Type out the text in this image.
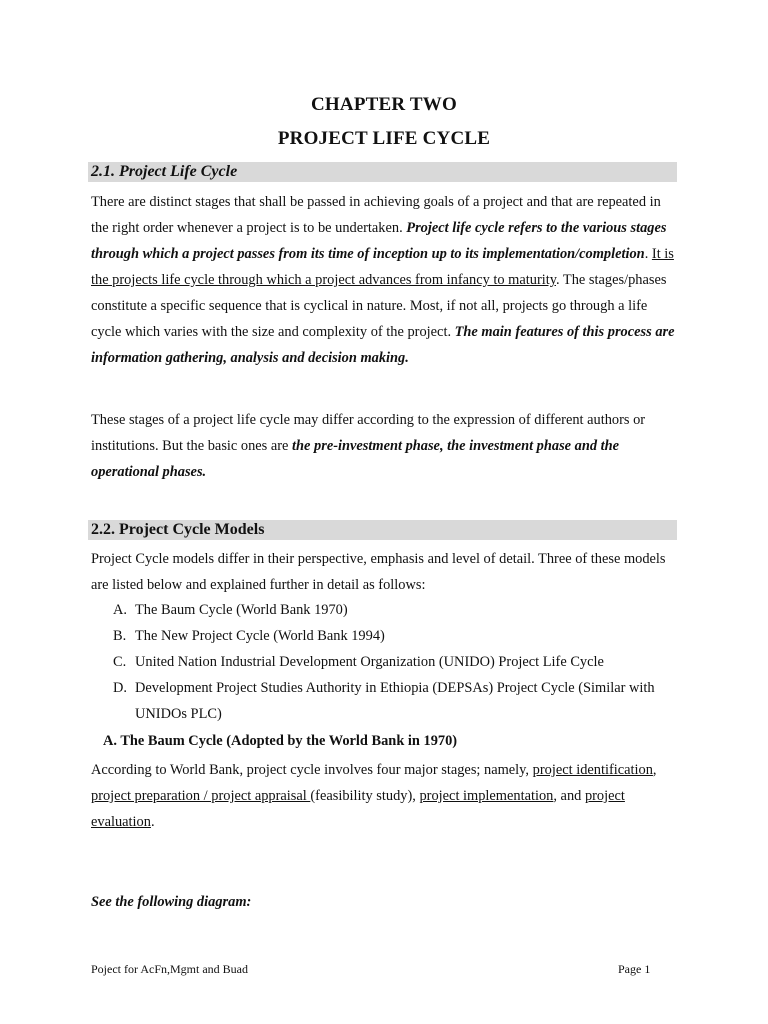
CHAPTER TWO
PROJECT LIFE CYCLE
2.1. Project Life Cycle
There are distinct stages that shall be passed in achieving goals of a project and that are repeated in the right order whenever a project is to be undertaken. Project life cycle refers to the various stages through which a project passes from its time of inception up to its implementation/completion. It is the projects life cycle through which a project advances from infancy to maturity. The stages/phases constitute a specific sequence that is cyclical in nature. Most, if not all, projects go through a life cycle which varies with the size and complexity of the project. The main features of this process are information gathering, analysis and decision making.
These stages of a project life cycle may differ according to the expression of different authors or institutions. But the basic ones are the pre-investment phase, the investment phase and the operational phases.
2.2. Project Cycle Models
Project Cycle models differ in their perspective, emphasis and level of detail. Three of these models are listed below and explained further in detail as follows:
A. The Baum Cycle (World Bank 1970)
B. The New Project Cycle (World Bank 1994)
C. United Nation Industrial Development Organization (UNIDO) Project Life Cycle
D. Development Project Studies Authority in Ethiopia (DEPSAs) Project Cycle (Similar with UNIDOs PLC)
A. The Baum Cycle (Adopted by the World Bank in 1970)
According to World Bank, project cycle involves four major stages; namely, project identification, project preparation / project appraisal (feasibility study), project implementation, and project evaluation.
See the following diagram:
Poject for AcFn,Mgmt and Buad	Page 1
